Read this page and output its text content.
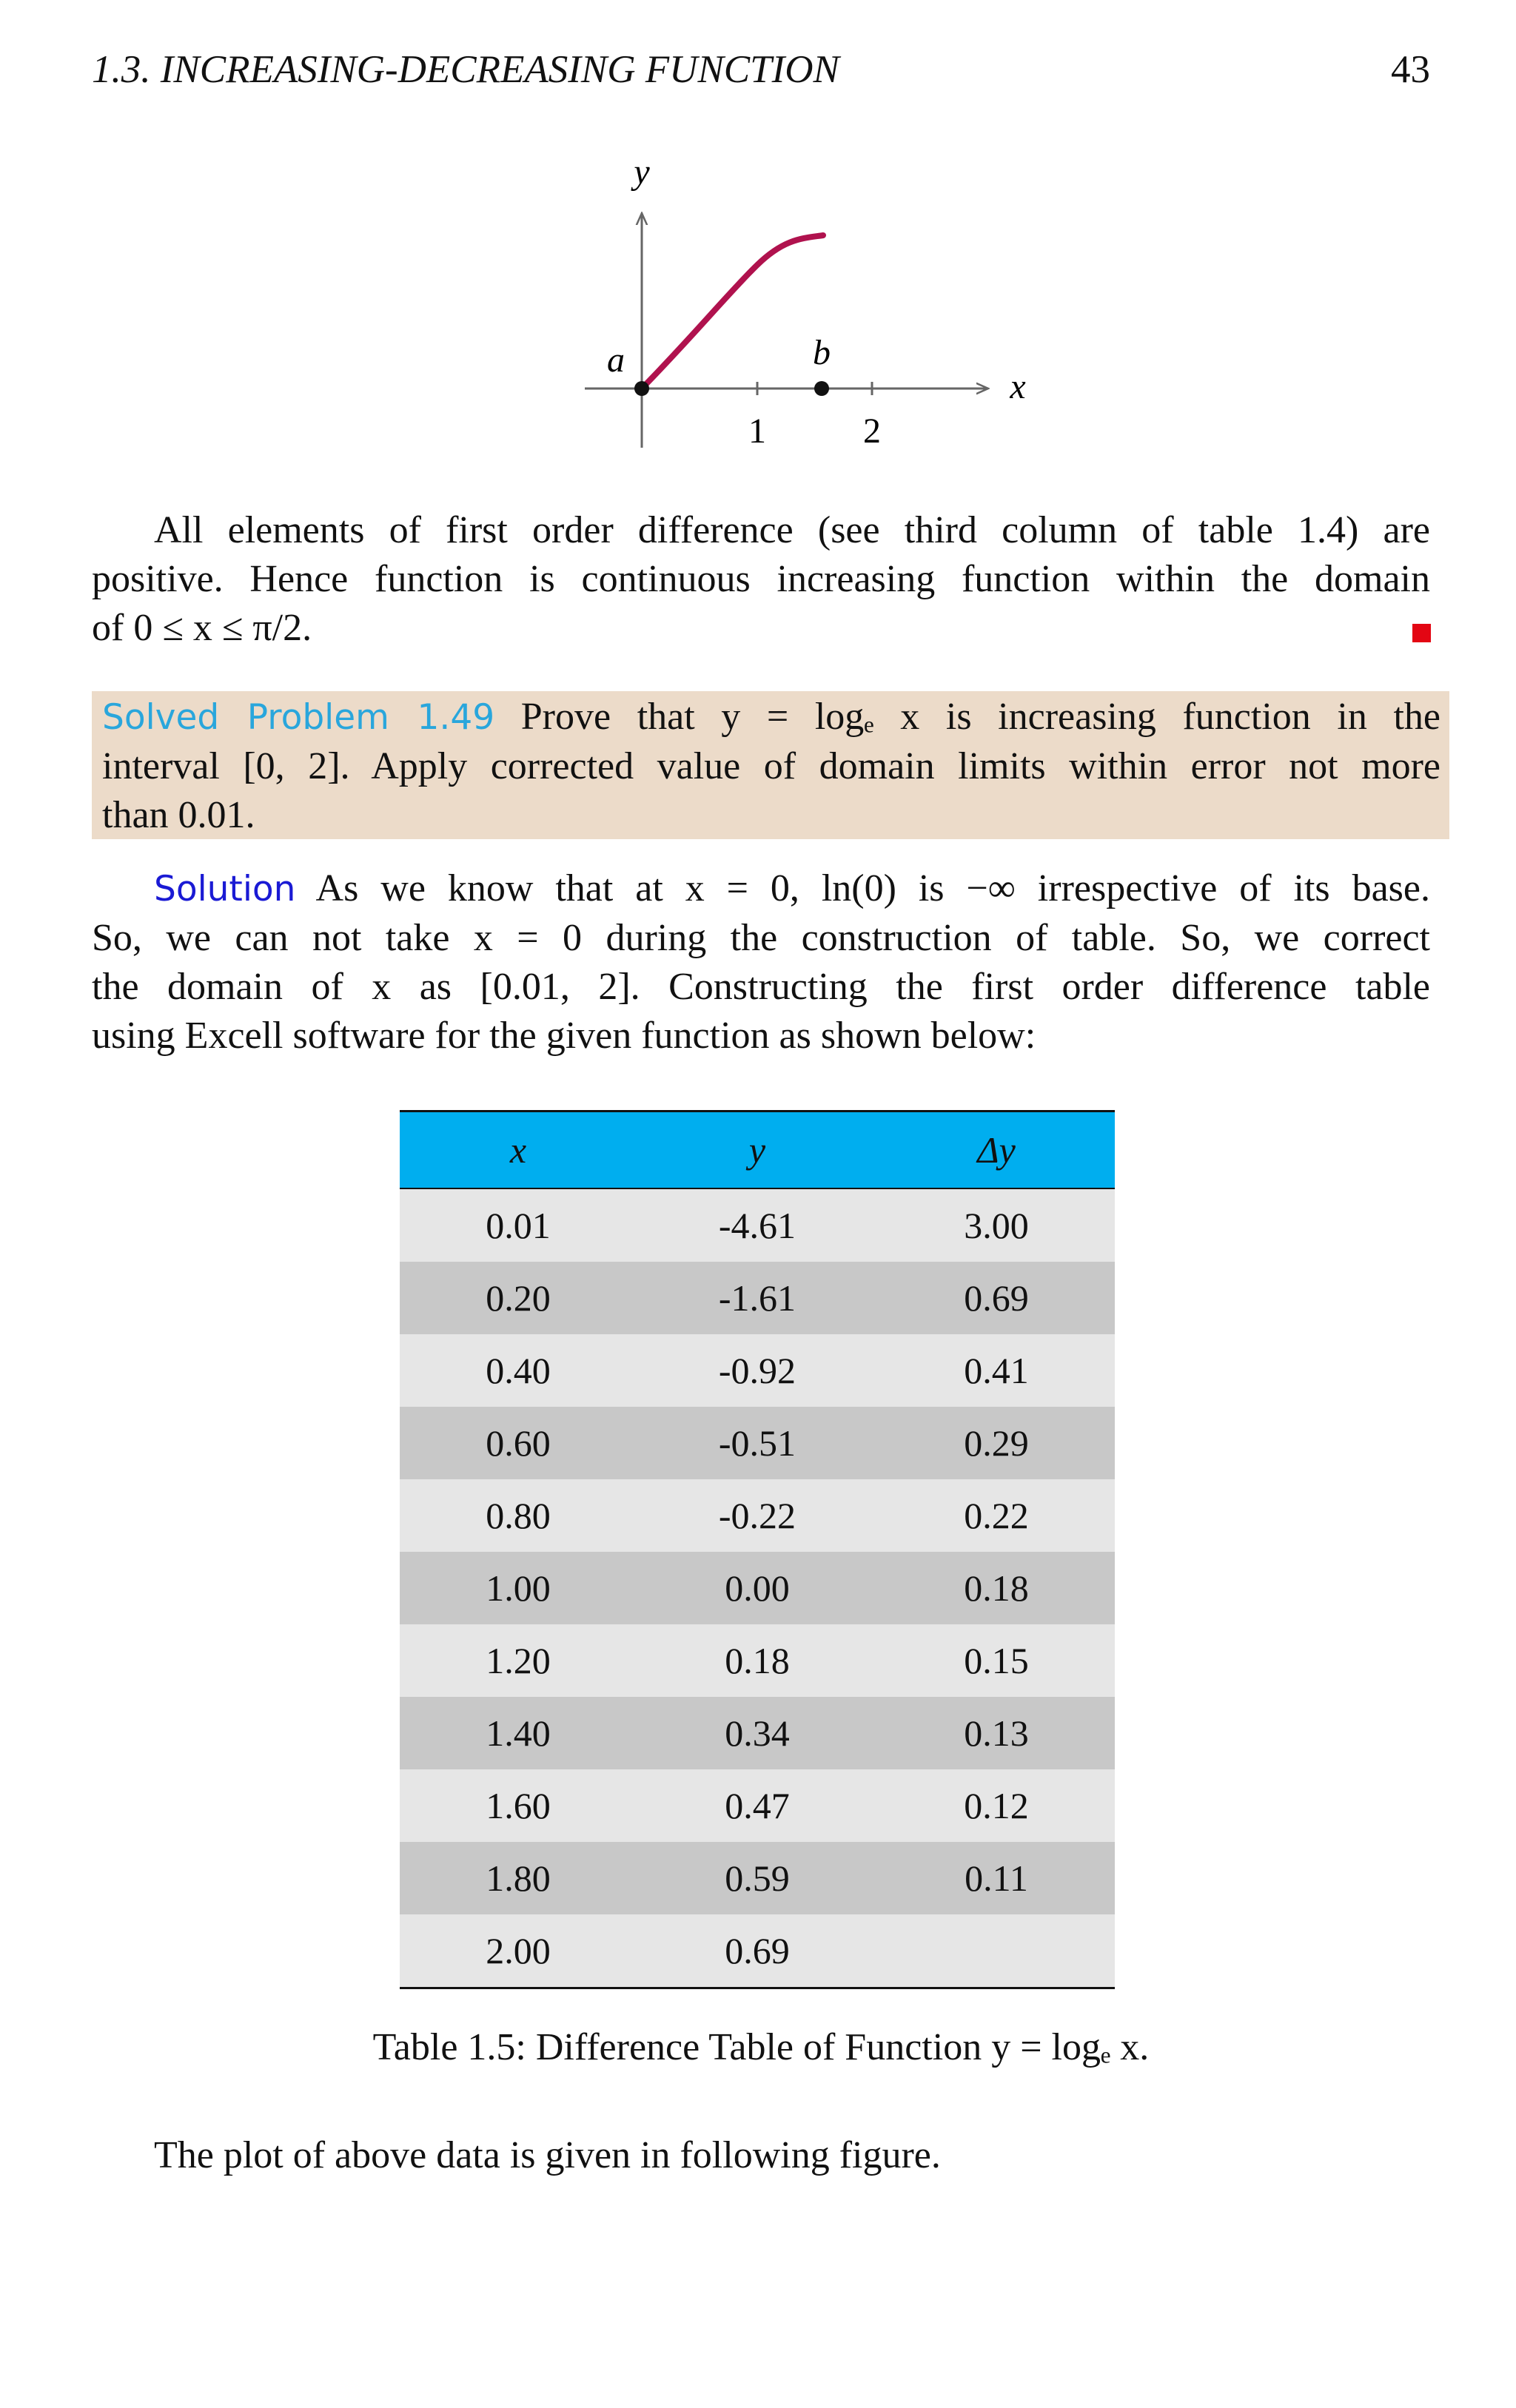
1.3. INCREASING-DECREASING FUNCTION	43
y
x
a	b
1	2
All elements of first order difference (see third column of table 1.4) are
positive. Hence function is continuous increasing function within the domain
of 0 ≤ x ≤ π/2.
Solved Problem 1.49 Prove that y = logₑ x is increasing function in the
interval [0, 2]. Apply corrected value of domain limits within error not more
than 0.01.
Solution As we know that at x = 0, ln(0) is −∞ irrespective of its base.
So, we can not take x = 0 during the construction of table. So, we correct
the domain of x as [0.01, 2]. Constructing the first order difference table
using Excell software for the given function as shown below:
x	y	Δy
0.01	-4.61	3.00
0.20	-1.61	0.69
0.40	-0.92	0.41
0.60	-0.51	0.29
0.80	-0.22	0.22
1.00	0.00	0.18
1.20	0.18	0.15
1.40	0.34	0.13
1.60	0.47	0.12
1.80	0.59	0.11
2.00	0.69	
Table 1.5: Difference Table of Function y = logₑ x.
The plot of above data is given in following figure.
